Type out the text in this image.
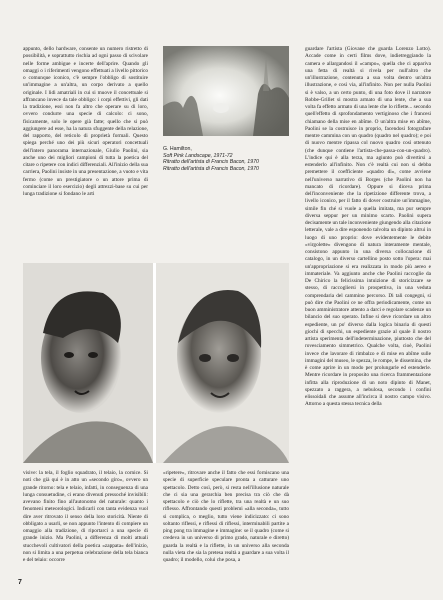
appunto, dello hardware, consente un numero ristretto di possibilità, e soprattutto rischia ad ogni passo di scivolare nelle forme ambigue e incerte dell'aprire. Quando gli omaggi o i riferimenti vengono effettuati a livello pittorico o comunque iconico, c'è sempre l'obbligo di sostituire un'immagine a un'altra, un corpo derivato a quello originale. I lidi amatriali in cui si muove il concettuale si affrancano invece da tale obbligo: i corpi effettivi, gli dati la tradizione, essi non fa altro che operare su di loro, ovvero condurre una specie di calcolo: ci sono, fisicamente, solo le opere già fatte; quello che si può aggiungere ad esse, ha la natura sfuggente della relazione, del rapporto, del reticolo di proprietà formali. Questo spiega perché uno dei più sicuri operatori concettuali dell'intero panorama internazionale, Giulio Paolini, sia anche uno dei migliori campioni di tutta la poetica del citare o ripetere con indici differenziali. All'inizio della sua carriera, Paolini insiste in una presentazione, a vuoto e vita fermo (come un prestigiatore o un attore prima di cominciare il loro esercizio) degli attrezzi-base su cui per lunga tradizione si fondano le arti

G. Hamilton,
Soft Pink Landscape, 1971-72
Ritratto dell'artista di Francis Bacon, 1970
Ritratto dell'artista di Francis Bacon, 1970

visive: la tela, il foglio squadrato, il telaio, la cornice. Si noti che già qui è in atto un «secondo giro», ovvero un grande ritorno: tela e telaio, infatti, in conseguenza di una lunga consuetudine, ci erano divenuti pressoché invisibili: avevano finito fino all'autonomo del naturale: quanto i fenomeni meteorologici. Indicarli con tanta evidenza vuol dire aver ritrovato il senso della loro storicità. Niente di obbligato a usarli, se non appunto l'intento di compiere un omaggio alla tradizione, di riportarci a una specie di grande inizio. Ma Paolini, a differenza di molti attuali stucchevoli cultivatori della poetica «zappata» dell'inizio, non si limita a una perpetua celebrazione della tela bianca e del telaio: occorre

«ripetere», ritrovare anche il fatto che essi forniscano una specie di superficie speculare pronta a catturare uno spettacolo. Detto così, però, si resta nell'illusione naturale che ci sia una gerarchia ben precisa tra ciò che dà spettacolo e ciò che lo riflette, tra una realtà e un suo riflesso. Affrontando questi problemi «alla seconda», tutto si complica, o meglio, tutto viene indicizzato: ci sono soltanto riflessi, e riflessi di riflessi, interminabili partite a ping pong tra immagine e immagine: se il quadro (come si credeva in un universo di primo grado, naturale e diretto) guarda la realtà e la riflette, in un universo alla seconda nulla vieta che sia la pretesa realtà a guardare a sua volta il quadro; il modello, colui che posa, a

guardare l'artista (Giovane che guarda Lorenzo Lotto). Accade come in certi films dove, indietreggiando la camera e allargandosi il «campo», quella che ci appariva una fetta di realtà si rivela per null'altro che un'illustrazione, contenuta a sua volta dentro un'altra illustrazione, e così via, all'infinito. Non per nulla Paolini si è valso, a un certo punto, di una foto dove il narratore Robbe-Grillet si mostra armato di una lente, che a sua volta fa effetto armato di una lente che lo riflette... secondo quell'effetto di sprofondamento vertiginoso che i francesi chiamano della mise en abîme. O un'altra mise en abîme, Paolini se la costruisce in proprio, facendosi fotografare mentre cammina con un quadro (quadro nel quadro); e poi di nuovo mentre ripassa col nuovo quadro così ottenuto (che dunque contiene l'artista-che-passa-con-un-quadro). L'indice qui è alla terza, ma agiunto può divertirsi a estenderlo all'infinito. Non c'è realtà cui non si debba premettere il coefficiente «quadro di», come avviene nell'universo narrativo di Borges (che Paolini non ha mancato di ricordare). Oppure si diceva prima dell'inconveniente che la ripetizione differente trova, a livello iconico, per il fatto di dover costruire un'immagine, simile fin ché si vuole a quella imitata, ma pur sempre diversa seppur per un minimo scarto. Paolini supera decisamente un tale inconveniente giungendo alla citazione letterale, vale a dire esponendo talvolta un dipinto altrui in luogo di uno proprio: dove evidentemente le debite «virgolette» divengono di natura interamente mentale, consistono appunto in una diversa collocazione di catalogo, in un diverso cartellino posto sotto l'opera: mai un'appropriazione si era realizzata in modo più aereo e immateriale. Va aggiunto anche che Paolini raccoglie da De Chirico la felicissima intuizione di storicizzare se stesso, di raccogliersi in prospettiva, in una veduta comprendaria del cammino percorso. Di tali congegni, si può dire che Paolini ce ne offra periodicamente, come un buon amministratore attento a darci e regolare scadenze un bilancio del suo operato. Infine si deve ricordare un altro espediente, un po' diverso dalla logica binaria di questi giochi di specchi, un espediente grazie al quale il nostro artista sperimenta dell'indeterminazione, piuttosto che del rovesciamento simmetrico. Qualche volta, cioè, Paolini invece che lavorare di rimbalzo e di mise en abîme sulle immagini del museo, le spezza, le rompe, le dissemina, che è come aprire in un modo per prolungarle ed estenderle. Mentre ricordare in proposito una ricerca frammentazione infitta alla riproduzione di un noto dipinto di Manet, spezzato a raggera, a nebulosa, secondo i confini elissoidali che assume all'incirca il nostro campo visivo. Attorno a questa stessa tecnica della

7
